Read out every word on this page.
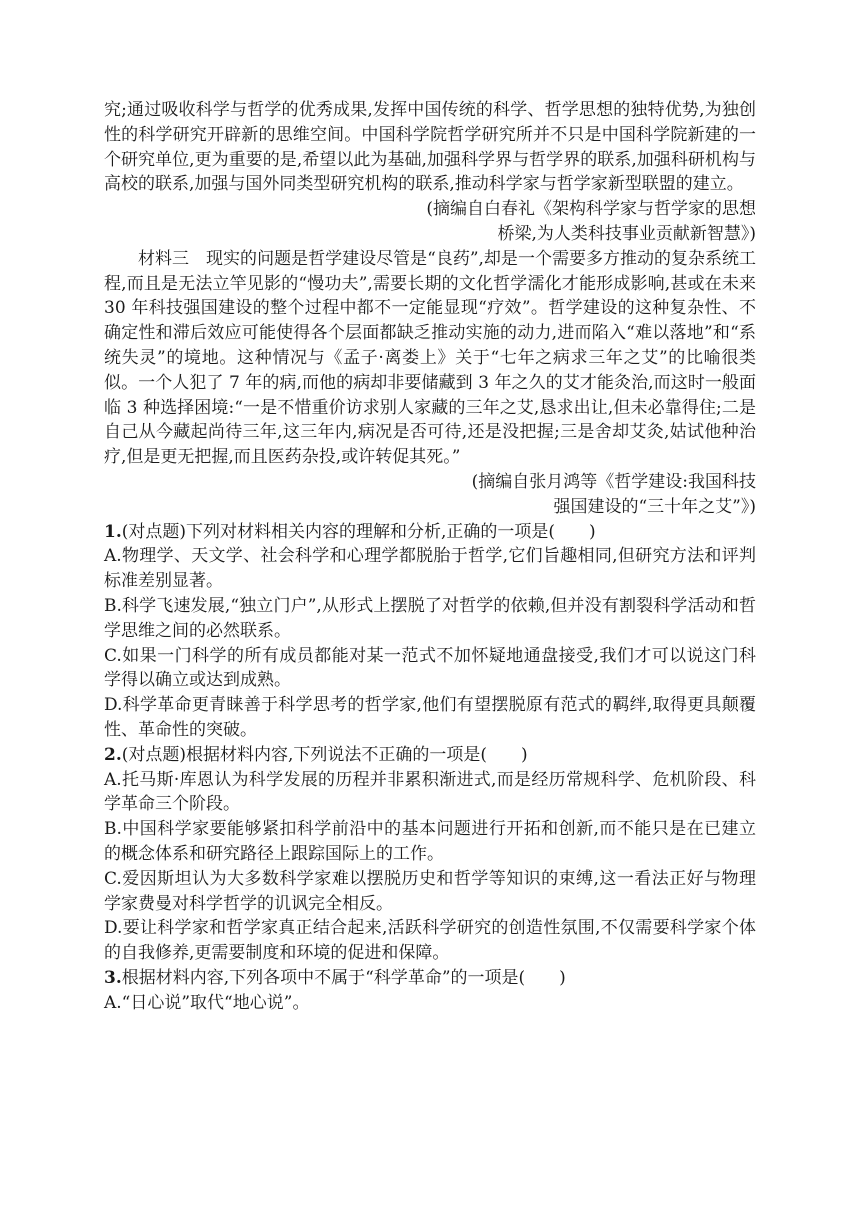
究;通过吸收科学与哲学的优秀成果,发挥中国传统的科学、哲学思想的独特优势,为独创性的科学研究开辟新的思维空间。中国科学院哲学研究所并不只是中国科学院新建的一个研究单位,更为重要的是,希望以此为基础,加强科学界与哲学界的联系,加强科研机构与高校的联系,加强与国外同类型研究机构的联系,推动科学家与哲学家新型联盟的建立。

(摘编自白春礼《架构科学家与哲学家的思想
桥梁,为人类科技事业贡献新智慧》)

材料三　 现实的问题是哲学建设尽管是“良药”,却是一个需要多方推动的复杂系统工程,而且是无法立竿见影的“慢功夫”,需要长期的文化哲学濡化才能形成影响,甚或在未来 30 年科技强国建设的整个过程中都不一定能显现“疗效”。哲学建设的这种复杂性、不确定性和滞后效应可能使得各个层面都缺乏推动实施的动力,进而陷入“难以落地”和“系统失灵”的境地。这种情况与《孟子·离娄上》关于“七年之病求三年之艾”的比喻很类似。一个人犯了 7 年的病,而他的病却非要储藏到 3 年之久的艾才能灸治,而这时一般面临 3 种选择困境:“一是不惜重价访求别人家藏的三年之艾,恳求出让,但未必靠得住;二是自己从今藏起尚待三年,这三年内,病况是否可待,还是没把握;三是舍却艾灸,姑试他种治疗,但是更无把握,而且医药杂投,或许转促其死。”

(摘编自张月鸿等《哲学建设:我国科技
强国建设的“三十年之艾”》)

1.(对点题)下列对材料相关内容的理解和分析,正确的一项是(　　)

A.物理学、天文学、社会科学和心理学都脱胎于哲学,它们旨趣相同,但研究方法和评判标准差别显著。

B.科学飞速发展,“独立门户”,从形式上摆脱了对哲学的依赖,但并没有割裂科学活动和哲学思维之间的必然联系。

C.如果一门科学的所有成员都能对某一范式不加怀疑地通盘接受,我们才可以说这门科学得以确立或达到成熟。

D.科学革命更青睐善于科学思考的哲学家,他们有望摆脱原有范式的羁绊,取得更具颠覆性、革命性的突破。

2.(对点题)根据材料内容,下列说法不正确的一项是(　　)

A.托马斯·库恩认为科学发展的历程并非累积渐进式,而是经历常规科学、危机阶段、科学革命三个阶段。

B.中国科学家要能够紧扣科学前沿中的基本问题进行开拓和创新,而不能只是在已建立的概念体系和研究路径上跟踪国际上的工作。

C.爱因斯坦认为大多数科学家难以摆脱历史和哲学等知识的束缚,这一看法正好与物理学家费曼对科学哲学的讥讽完全相反。

D.要让科学家和哲学家真正结合起来,活跃科学研究的创造性氛围,不仅需要科学家个体的自我修养,更需要制度和环境的促进和保障。

3.根据材料内容,下列各项中不属于“科学革命”的一项是(　　)

A.“日心说”取代“地心说”。
